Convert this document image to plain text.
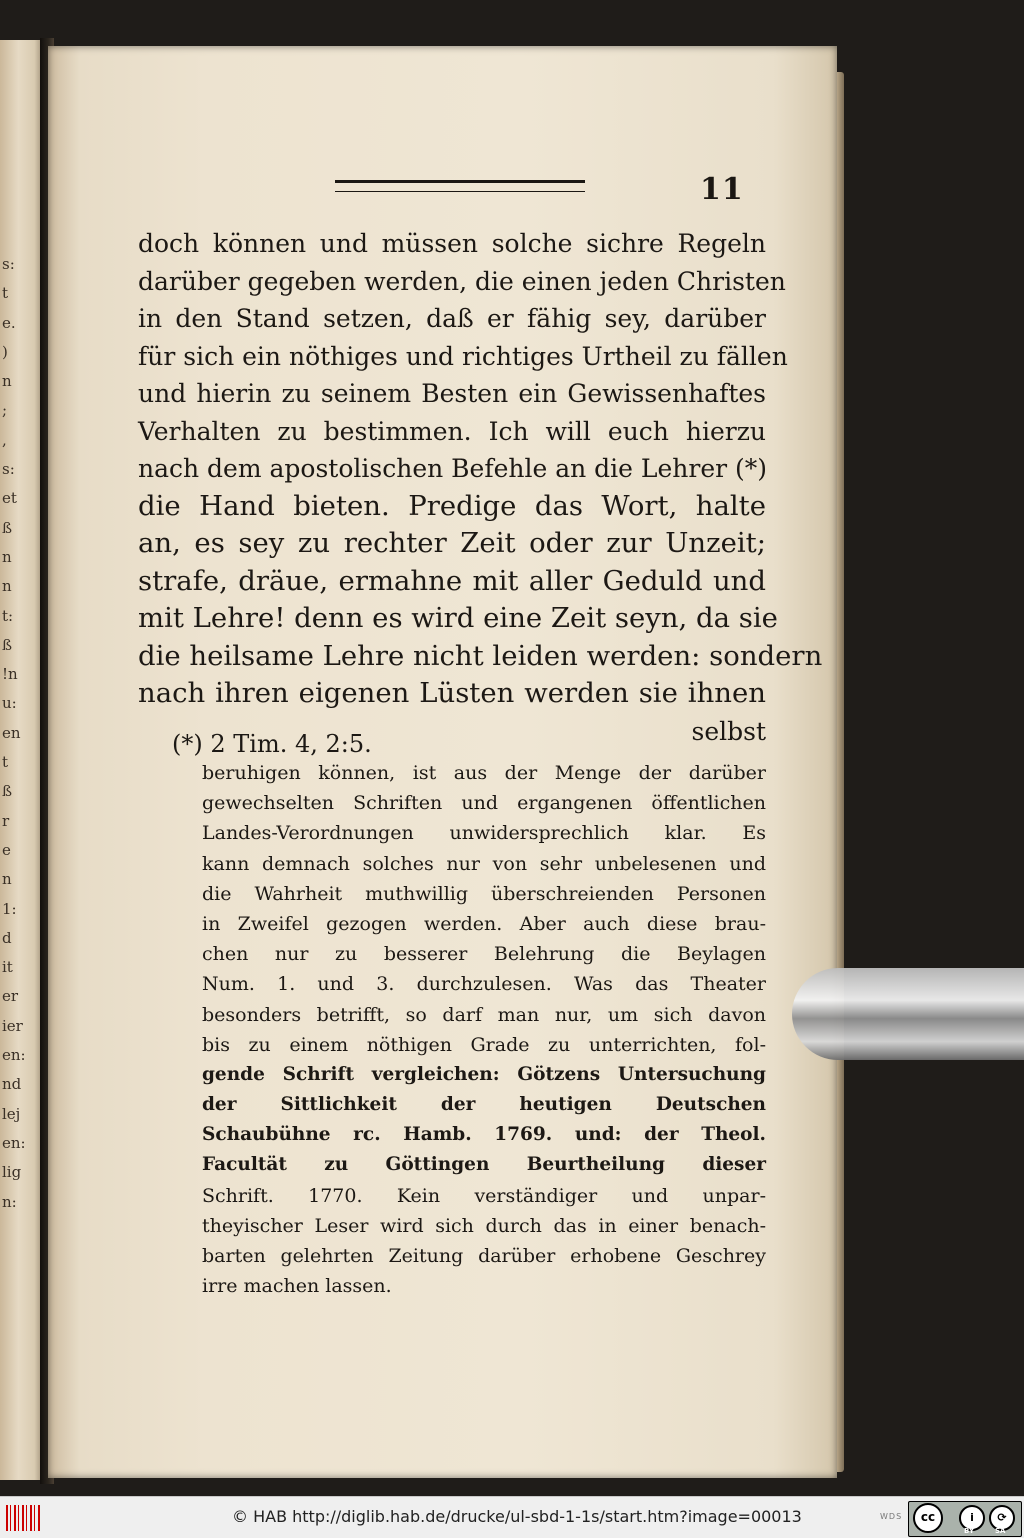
s:
t
e.
)
n
;
,
s:
et
ß
n
n
t:
ß
!n
u:
en
t
ß
r
e
n
1:
d
it
er
ier
en:
nd
lej
en:
lig
n:
11
doch können und müssen solche sichre Regeln
darüber gegeben werden, die einen jeden Christen
in den Stand setzen, daß er fähig sey, darüber
für sich ein nöthiges und richtiges Urtheil zu fällen
und hierin zu seinem Besten ein Gewissenhaftes
Verhalten zu bestimmen. Ich will euch hierzu
nach dem apostolischen Befehle an die Lehrer (*)
die Hand bieten. Predige das Wort, halte
an, es sey zu rechter Zeit oder zur Unzeit;
strafe, dräue, ermahne mit aller Geduld und
mit Lehre! denn es wird eine Zeit seyn, da sie
die heilsame Lehre nicht leiden werden: sondern
nach ihren eigenen Lüsten werden sie ihnen
selbst
(*) 2 Tim. 4, 2:5.
beruhigen können, ist aus der Menge der darüber
gewechselten Schriften und ergangenen öffentlichen
Landes-Verordnungen unwidersprechlich klar. Es
kann demnach solches nur von sehr unbelesenen und
die Wahrheit muthwillig überschreienden Personen
in Zweifel gezogen werden. Aber auch diese brau-
chen nur zu besserer Belehrung die Beylagen
Num. 1. und 3. durchzulesen. Was das Theater
besonders betrifft, so darf man nur, um sich davon
bis zu einem nöthigen Grade zu unterrichten, fol-
gende Schrift vergleichen: Götzens Untersuchung
der Sittlichkeit der heutigen Deutschen
Schaubühne rc. Hamb. 1769. und: der Theol.
Facultät zu Göttingen Beurtheilung dieser
Schrift. 1770. Kein verständiger und unpar-
theyischer Leser wird sich durch das in einer benach-
barten gelehrten Zeitung darüber erhobene Geschrey
irre machen lassen.
© HAB http://diglib.hab.de/drucke/ul-sbd-1-1s/start.htm?image=00013	WDS	cc	i	⟳
BY	SA
